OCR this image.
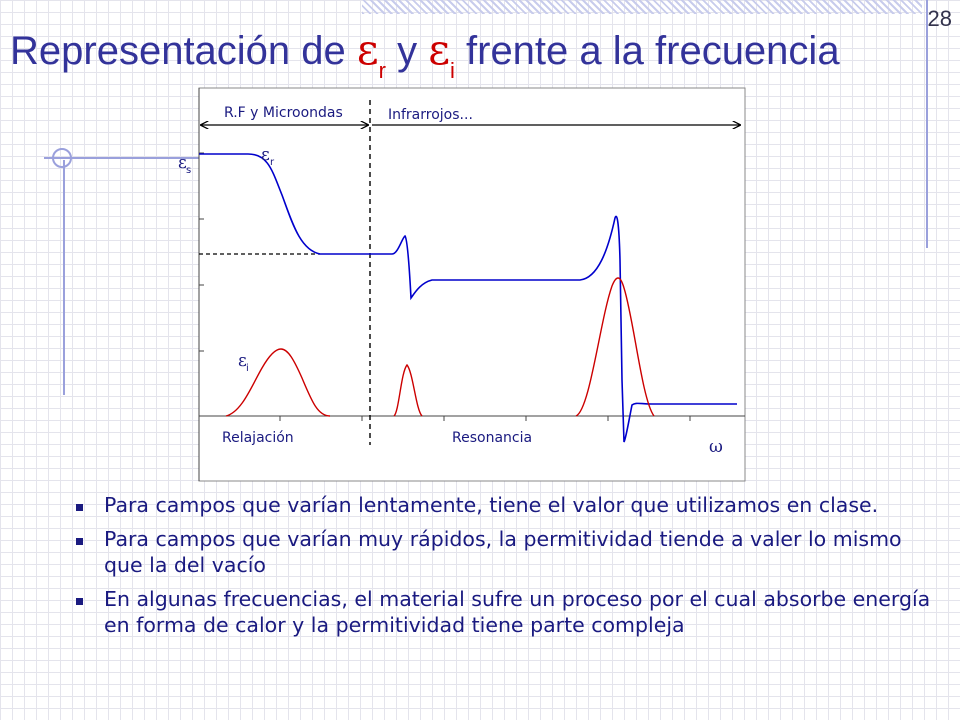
28
Representación de $\varepsilon_r$ y $\varepsilon_i$ frente a la frecuencia
R.F y Microondas	Infrarrojos...
ε s
ε r
ε i
Relajación	Resonancia	ω
Para campos que varían lentamente, tiene el valor que utilizamos en clase.
Para campos que varían muy rápidos, la permitividad tiende a valer lo mismo que la del vacío
En algunas frecuencias, el material sufre un proceso por el cual absorbe energía en forma de calor y la permitividad tiene parte compleja
